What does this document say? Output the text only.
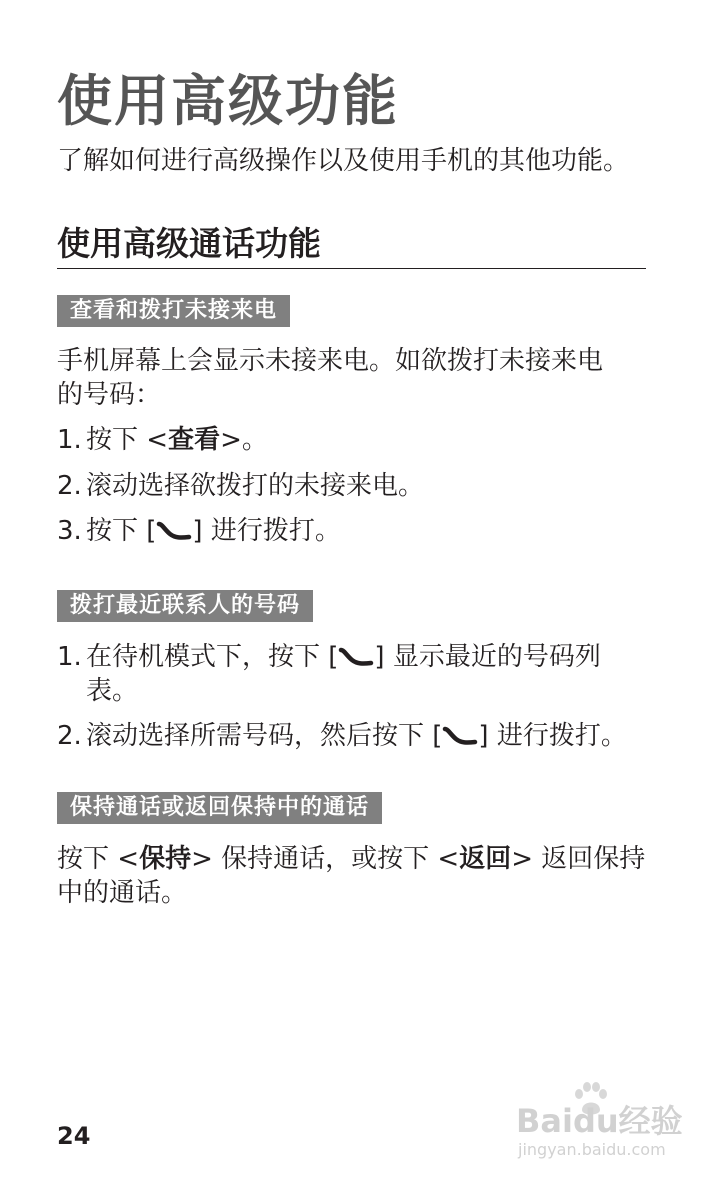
使用高级功能
了解如何进行高级操作以及使用手机的其他功能。
使用高级通话功能
查看和拨打未接来电
手机屏幕上会显示未接来电。如欲拨打未接来电
的号码：
1. 按下 <查看>。
2. 滚动选择欲拨打的未接来电。
3. 按下 [ ] 进行拨打。
拨打最近联系人的号码
1. 在待机模式下，按下 [ ] 显示最近的号码列
表。
2. 滚动选择所需号码，然后按下 [ ] 进行拨打。
保持通话或返回保持中的通话
按下 <保持> 保持通话，或按下 <返回> 返回保持
中的通话。
24	Baidu经验
jingyan.baidu.com
